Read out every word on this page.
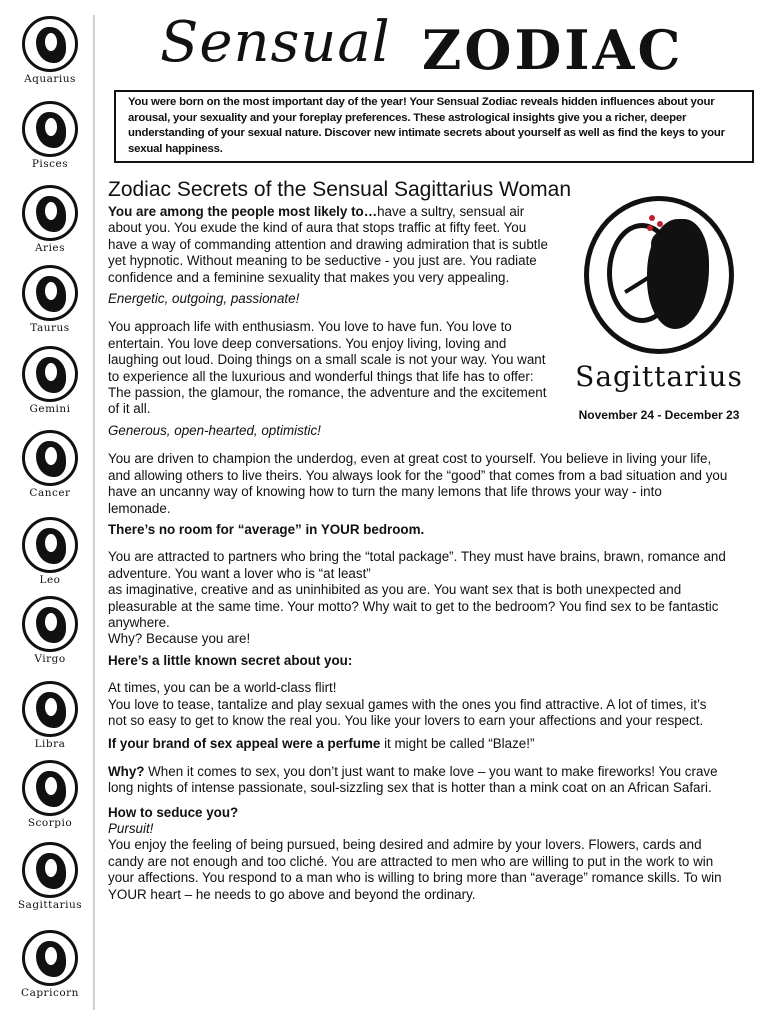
Aquarius
Pisces
Aries
Taurus
Gemini
Cancer
Leo
Virgo
Libra
Scorpio
Sagittarius
Capricorn
Sensual ZODIAC
You were born on the most important day of the year! Your Sensual Zodiac reveals hidden influences about your arousal, your sexuality and your foreplay preferences. These astrological insights give you a richer, deeper understanding of your sexual nature. Discover new intimate secrets about yourself as well as find the keys to your sexual happiness.
Zodiac Secrets of the Sensual Sagittarius Woman
Sagittarius
November 24 - December 23

You are among the people most likely to…have a sultry, sensual air about you. You exude the kind of aura that stops traffic at fifty feet. You have a way of commanding attention and drawing admiration that is subtle yet hypnotic. Without meaning to be seductive - you just are. You radiate confidence and a feminine sexuality that makes you very appealing.

Energetic, outgoing, passionate!

You approach life with enthusiasm. You love to have fun. You love to entertain. You love deep conversations. You enjoy living, loving and laughing out loud. Doing things on a small scale is not your way. You want to experience all the luxurious and wonderful things that life has to offer: The passion, the glamour, the romance, the adventure and the excitement of it all.

Generous, open-hearted, optimistic!

You are driven to champion the underdog, even at great cost to yourself. You believe in living your life, and allowing others to live theirs. You always look for the “good” that comes from a bad situation and you have an uncanny way of knowing how to turn the many lemons that life throws your way - into lemonade.

There’s no room for “average” in YOUR bedroom.

You are attracted to partners who bring the “total package”. They must have brains, brawn, romance and adventure. You want a lover who is “at least”
as imaginative, creative and as uninhibited as you are. You want sex that is both unexpected and pleasurable at the same time. Your motto? Why wait to get to the bedroom? You find sex to be fantastic anywhere.
Why? Because you are!

Here’s a little known secret about you:

At times, you can be a world-class flirt!
You love to tease, tantalize and play sexual games with the ones you find attractive. A lot of times, it’s not so easy to get to know the real you. You like your lovers to earn your affections and your respect.

If your brand of sex appeal were a perfume it might be called “Blaze!”

Why? When it comes to sex, you don’t just want to make love – you want to make fireworks! You crave long nights of intense passionate, soul-sizzling sex that is hotter than a mink coat on an African Safari.

How to seduce you?

Pursuit!

You enjoy the feeling of being pursued, being desired and admire by your lovers. Flowers, cards and candy are not enough and too cliché. You are attracted to men who are willing to put in the work to win your affections. You respond to a man who is willing to bring more than “average” romance skills. To win YOUR heart – he needs to go above and beyond the ordinary.
